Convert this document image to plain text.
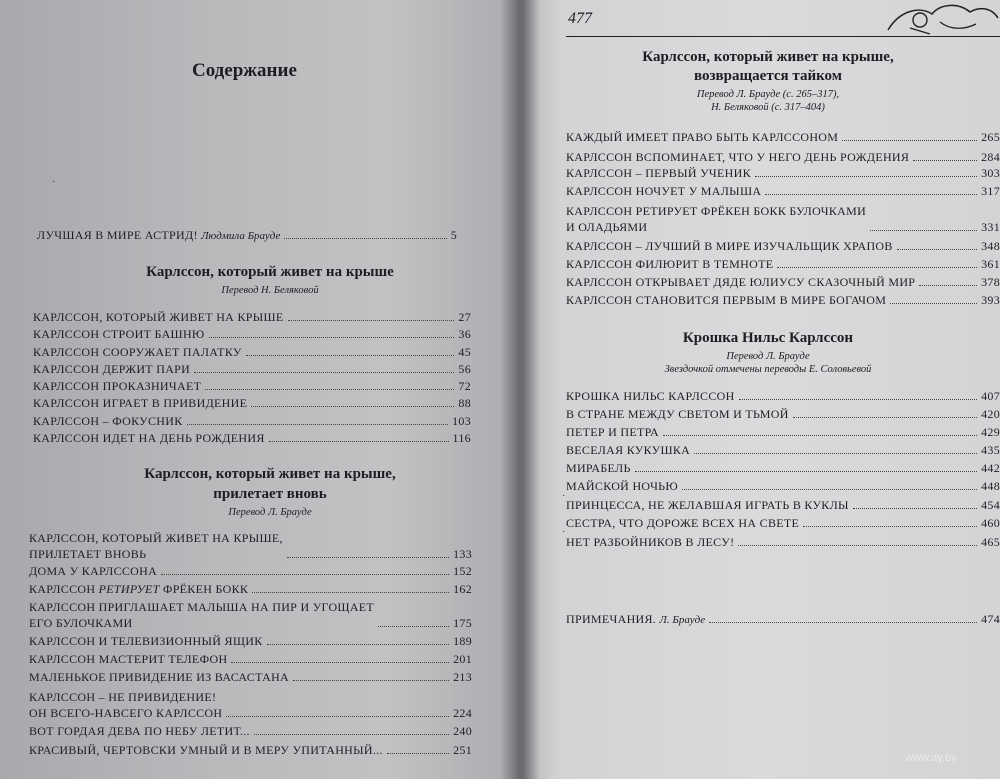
Содержание
˙
ЛУЧШАЯ В МИРЕ АСТРИД! Людмила Брауде	5
Карлссон, который живет на крыше
Перевод Н. Беляковой
КАРЛССОН, КОТОРЫЙ ЖИВЕТ НА КРЫШЕ	27
КАРЛССОН СТРОИТ БАШНЮ	36
КАРЛССОН СООРУЖАЕТ ПАЛАТКУ	45
КАРЛССОН ДЕРЖИТ ПАРИ	56
КАРЛССОН ПРОКАЗНИЧАЕТ	72
КАРЛССОН ИГРАЕТ В ПРИВИДЕНИЕ	88
КАРЛССОН – ФОКУСНИК	103
КАРЛССОН ИДЕТ НА ДЕНЬ РОЖДЕНИЯ	116
Карлссон, который живет на крыше,
прилетает вновь
Перевод Л. Брауде
КАРЛССОН, КОТОРЫЙ ЖИВЕТ НА КРЫШЕ,
ПРИЛЕТАЕТ ВНОВЬ	133
ДОМА У КАРЛССОНА	152
КАРЛССОН РЕТИРУЕТ ФРЁКЕН БОКК	162
КАРЛССОН ПРИГЛАШАЕТ МАЛЫША НА ПИР И УГОЩАЕТ
ЕГО БУЛОЧКАМИ	175
КАРЛССОН И ТЕЛЕВИЗИОННЫЙ ЯЩИК	189
КАРЛССОН МАСТЕРИТ ТЕЛЕФОН	201
МАЛЕНЬКОЕ ПРИВИДЕНИЕ ИЗ ВАСАСТАНА	213
КАРЛССОН – НЕ ПРИВИДЕНИЕ!
ОН ВСЕГО-НАВСЕГО КАРЛССОН	224
ВОТ ГОРДАЯ ДЕВА ПО НЕБУ ЛЕТИТ...	240
КРАСИВЫЙ, ЧЕРТОВСКИ УМНЫЙ И В МЕРУ УПИТАННЫЙ...	251
477
Карлссон, который живет на крыше,
возвращается тайком
Перевод Л. Брауде (с. 265–317),
Н. Беляковой (с. 317–404)
КАЖДЫЙ ИМЕЕТ ПРАВО БЫТЬ КАРЛССОНОМ	265
КАРЛССОН ВСПОМИНАЕТ, ЧТО У НЕГО ДЕНЬ РОЖДЕНИЯ	284
КАРЛССОН – ПЕРВЫЙ УЧЕНИК	303
КАРЛССОН НОЧУЕТ У МАЛЫША	317
КАРЛССОН РЕТИРУЕТ ФРЁКЕН БОКК БУЛОЧКАМИ
И ОЛАДЬЯМИ	331
КАРЛССОН – ЛУЧШИЙ В МИРЕ ИЗУЧАЛЬЩИК ХРАПОВ	348
КАРЛССОН ФИЛЮРИТ В ТЕМНОТЕ	361
КАРЛССОН ОТКРЫВАЕТ ДЯДЕ ЮЛИУСУ СКАЗОЧНЫЙ МИР	378
КАРЛССОН СТАНОВИТСЯ ПЕРВЫМ В МИРЕ БОГАЧОМ	393
Крошка Нильс Карлссон
Перевод Л. Брауде
Звездочкой отмечены переводы Е. Соловьевой
КРОШКА НИЛЬС КАРЛССОН	407
В СТРАНЕ МЕЖДУ СВЕТОМ И ТЬМОЙ	420
ПЕТЕР И ПЕТРА	429
ВЕСЕЛАЯ КУКУШКА	435
МИРАБЕЛЬ	442
МАЙСКОЙ НОЧЬЮ	448
ПРИНЦЕССА, НЕ ЖЕЛАВШАЯ ИГРАТЬ В КУКЛЫ	454
СЕСТРА, ЧТО ДОРОЖЕ ВСЕХ НА СВЕТЕ	460
НЕТ РАЗБОЙНИКОВ В ЛЕСУ!	465
˙
˙
ПРИМЕЧАНИЯ. Л. Брауде	474
www.ay.by
